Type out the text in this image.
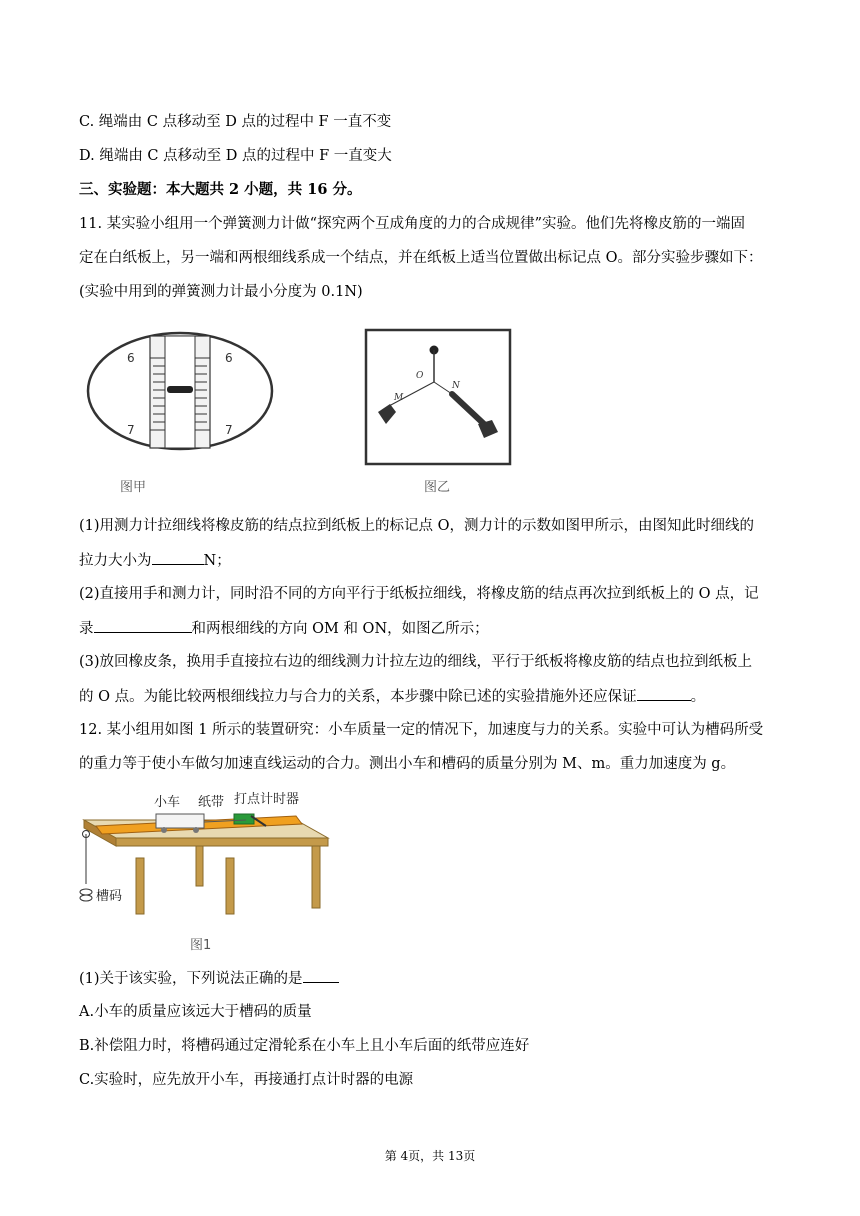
C. 绳端由 C 点移动至 D 点的过程中 F 一直不变
D. 绳端由 C 点移动至 D 点的过程中 F 一直变大
三、实验题：本大题共 2 小题，共 16 分。
11. 某实验小组用一个弹簧测力计做“探究两个互成角度的力的合成规律”实验。他们先将橡皮筋的一端固
定在白纸板上，另一端和两根细线系成一个结点，并在纸板上适当位置做出标记点 O。部分实验步骤如下：
(实验中用到的弹簧测力计最小分度为 0.1N)
6	6
7	7
图甲
O
M
N
图乙
(1)用测力计拉细线将橡皮筋的结点拉到纸板上的标记点 O，测力计的示数如图甲所示，由图知此时细线的
拉力大小为	N；
(2)直接用手和测力计，同时沿不同的方向平行于纸板拉细线，将橡皮筋的结点再次拉到纸板上的 O 点，记
录	和两根细线的方向 OM 和 ON，如图乙所示；
(3)放回橡皮条，换用手直接拉右边的细线测力计拉左边的细线，平行于纸板将橡皮筋的结点也拉到纸板上
的 O 点。为能比较两根细线拉力与合力的关系，本步骤中除已述的实验措施外还应保证	。
12. 某小组用如图 1 所示的装置研究：小车质量一定的情况下，加速度与力的关系。实验中可认为槽码所受
的重力等于使小车做匀加速直线运动的合力。测出小车和槽码的质量分别为 M、m。重力加速度为 g。
小车 纸带 打点计时器
槽码
图1
(1)关于该实验，下列说法正确的是
A.小车的质量应该远大于槽码的质量
B.补偿阻力时，将槽码通过定滑轮系在小车上且小车后面的纸带应连好
C.实验时，应先放开小车，再接通打点计时器的电源
第 4页，共 13页
